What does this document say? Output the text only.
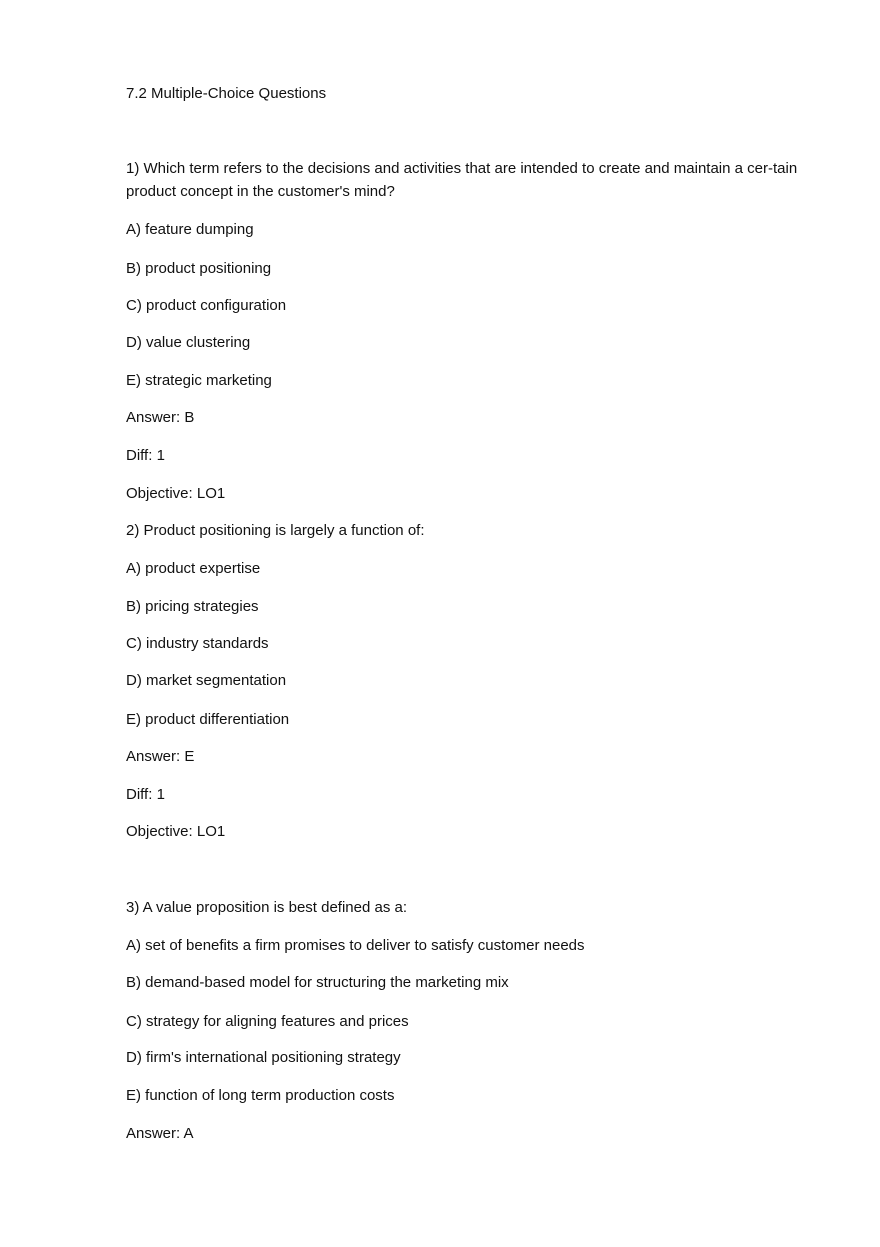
7.2 Multiple-Choice Questions
1) Which term refers to the decisions and activities that are intended to create and maintain a cer-tain product concept in the customer's mind?
A) feature dumping
B) product positioning
C) product configuration
D) value clustering
E) strategic marketing
Answer: B
Diff: 1
Objective: LO1
2) Product positioning is largely a function of:
A) product expertise
B) pricing strategies
C) industry standards
D) market segmentation
E) product differentiation
Answer: E
Diff: 1
Objective: LO1
3) A value proposition is best defined as a:
A) set of benefits a firm promises to deliver to satisfy customer needs
B) demand-based model for structuring the marketing mix
C) strategy for aligning features and prices
D) firm's international positioning strategy
E) function of long term production costs
Answer: A
